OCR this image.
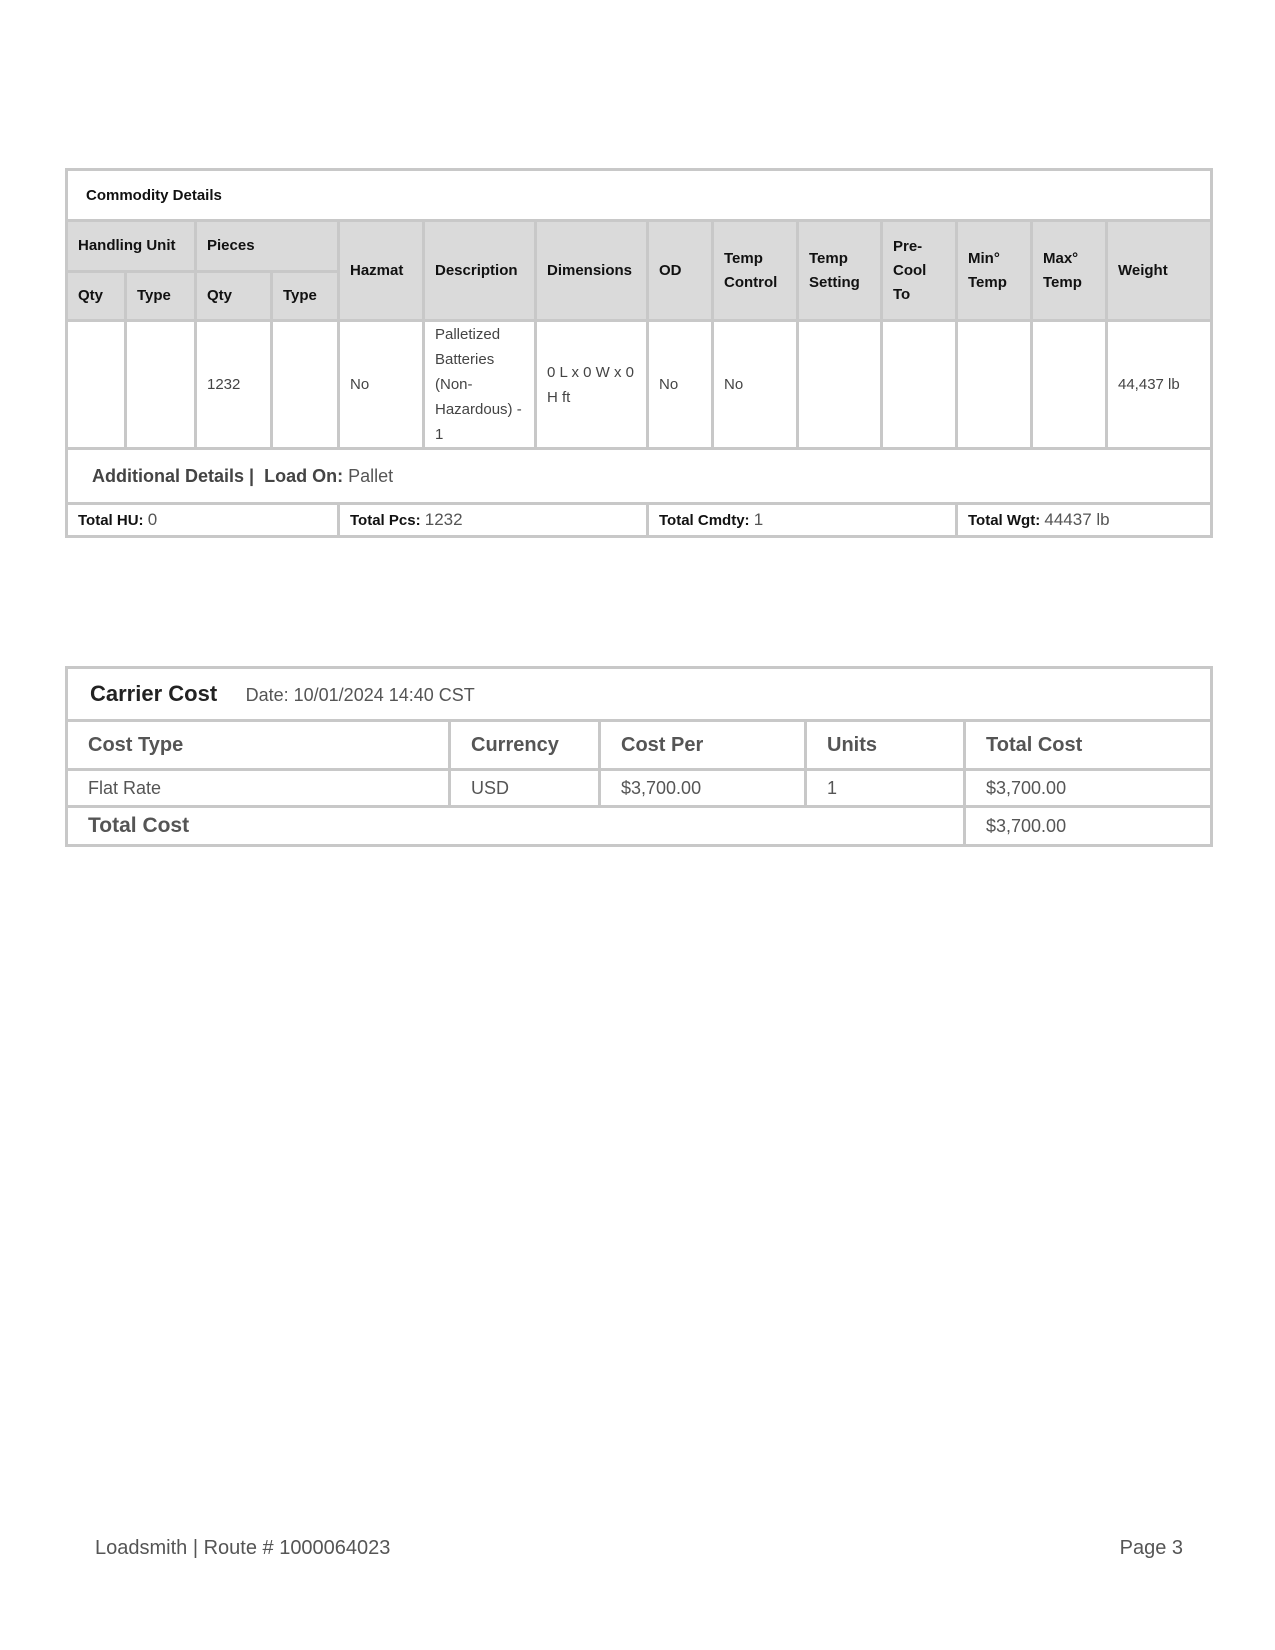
Commodity Details													
Handling Unit		Pieces		Hazmat	Description	Dimensions	OD	Temp Control	Temp Setting	Pre-Cool To	Min° Temp	Max° Temp	Weight
Qty	Type	Qty	Type										
		1232		No	Palletized Batteries (Non-Hazardous) - 1	0 L x 0 W x 0 H ft	No	No					44,437 lb
Additional Details | Load On: Pallet													
Total HU: 0				Total Pcs: 1232			Total Cmdty: 1				Total Wgt: 44437 lb		
Carrier Cost Date: 10/01/2024 14:40 CST				
Cost Type	Currency	Cost Per	Units	Total Cost
Flat Rate	USD	$3,700.00	1	$3,700.00
Total Cost				$3,700.00
Loadsmith | Route # 1000064023	Page 3
